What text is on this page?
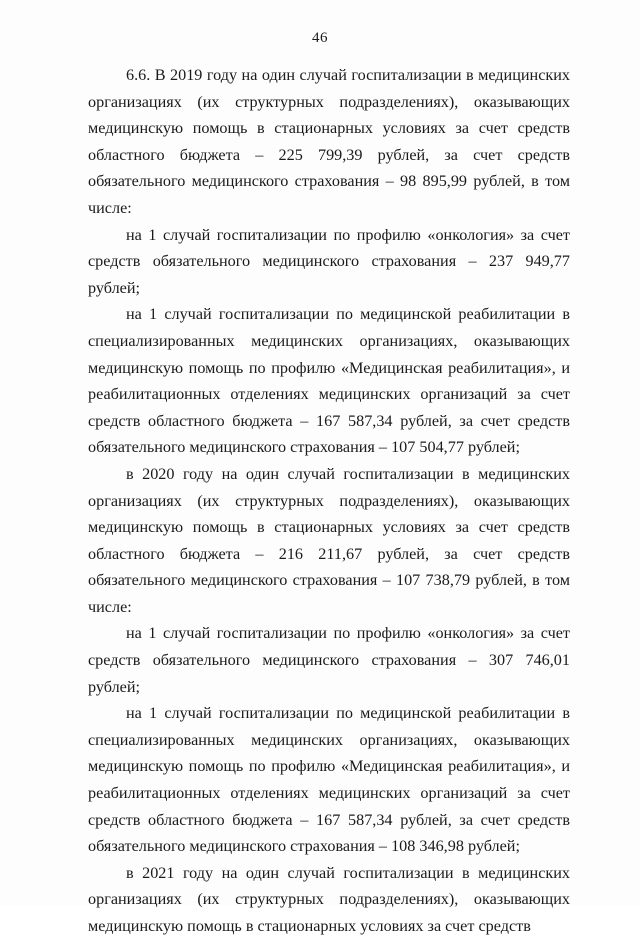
46

6.6. В 2019 году на один случай госпитализации в медицинских организациях (их структурных подразделениях), оказывающих медицинскую помощь в стационарных условиях за счет средств областного бюджета – 225 799,39 рублей, за счет средств обязательного медицинского страхования – 98 895,99 рублей, в том числе:

на 1 случай госпитализации по профилю «онкология» за счет средств обязательного медицинского страхования – 237 949,77 рублей;

на 1 случай госпитализации по медицинской реабилитации в специализированных медицинских организациях, оказывающих медицинскую помощь по профилю «Медицинская реабилитация», и реабилитационных отделениях медицинских организаций за счет средств областного бюджета – 167 587,34 рублей, за счет средств обязательного медицинского страхования – 107 504,77 рублей;

в 2020 году на один случай госпитализации в медицинских организациях (их структурных подразделениях), оказывающих медицинскую помощь в стационарных условиях за счет средств областного бюджета – 216 211,67 рублей, за счет средств обязательного медицинского страхования – 107 738,79 рублей, в том числе:

на 1 случай госпитализации по профилю «онкология» за счет средств обязательного медицинского страхования – 307 746,01 рублей;

на 1 случай госпитализации по медицинской реабилитации в специализированных медицинских организациях, оказывающих медицинскую помощь по профилю «Медицинская реабилитация», и реабилитационных отделениях медицинских организаций за счет средств областного бюджета – 167 587,34 рублей, за счет средств обязательного медицинского страхования – 108 346,98 рублей;

в 2021 году на один случай госпитализации в медицинских организациях (их структурных подразделениях), оказывающих медицинскую помощь в стационарных условиях за счет средств
